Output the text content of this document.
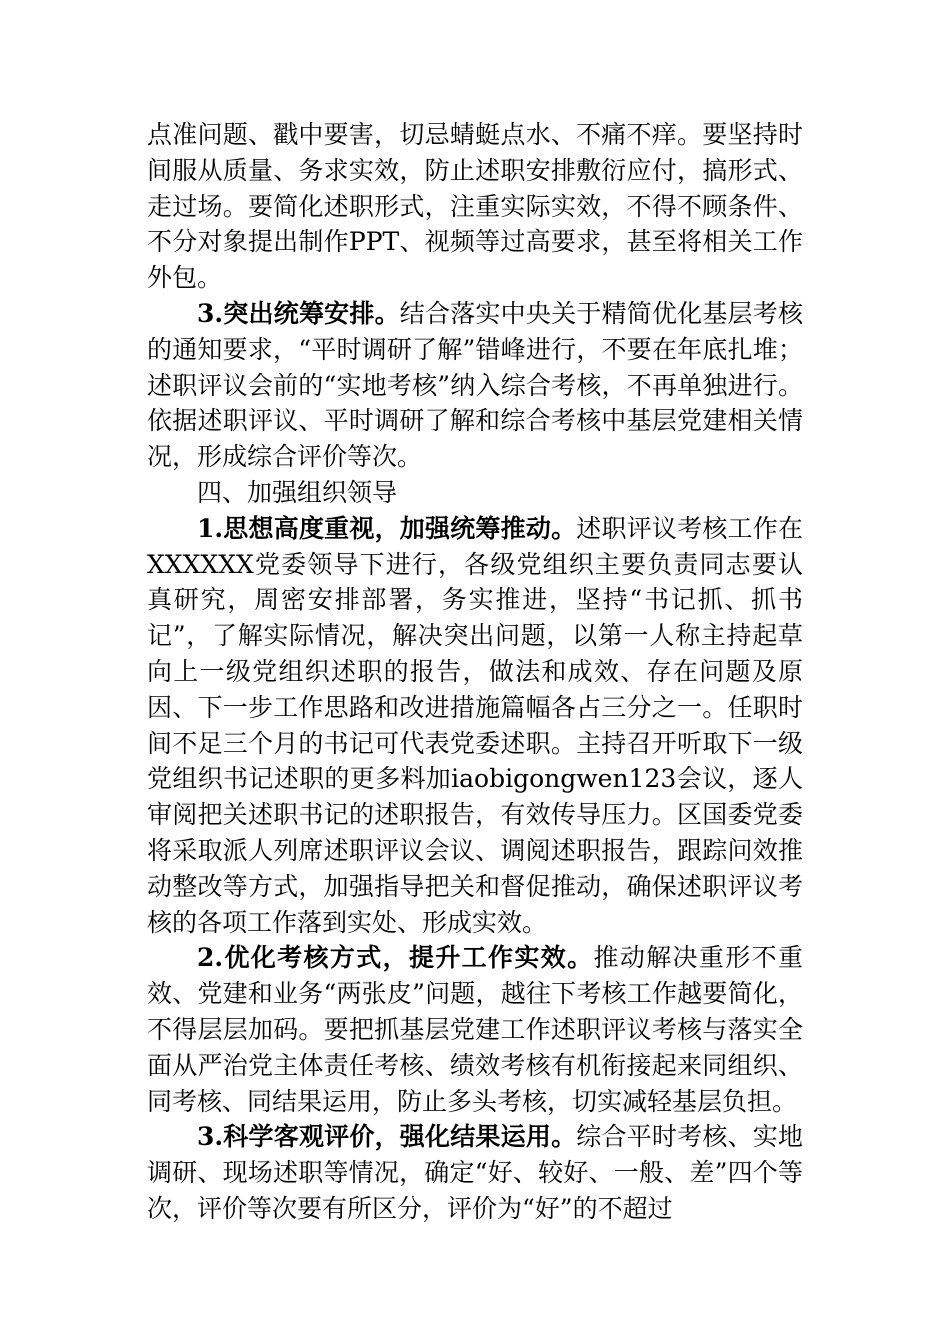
点准问题、戳中要害，切忌蜻蜓点水、不痛不痒。要坚持时间服从质量、务求实效，防止述职安排敷衍应付，搞形式、走过场。要简化述职形式，注重实际实效，不得不顾条件、不分对象提出制作PPT、视频等过高要求，甚至将相关工作外包。

3.突出统筹安排。结合落实中央关于精简优化基层考核的通知要求，“平时调研了解”错峰进行，不要在年底扎堆；述职评议会前的“实地考核”纳入综合考核，不再单独进行。依据述职评议、平时调研了解和综合考核中基层党建相关情况，形成综合评价等次。

四、加强组织领导

1.思想高度重视，加强统筹推动。述职评议考核工作在XXXXXX党委领导下进行，各级党组织主要负责同志要认真研究，周密安排部署，务实推进，坚持“书记抓、抓书记”，了解实际情况，解决突出问题，以第一人称主持起草向上一级党组织述职的报告，做法和成效、存在问题及原因、下一步工作思路和改进措施篇幅各占三分之一。任职时间不足三个月的书记可代表党委述职。主持召开听取下一级党组织书记述职的更多料加iaobigongwen123会议，逐人审阅把关述职书记的述职报告，有效传导压力。区国委党委将采取派人列席述职评议会议、调阅述职报告，跟踪问效推动整改等方式，加强指导把关和督促推动，确保述职评议考核的各项工作落到实处、形成实效。

2.优化考核方式，提升工作实效。推动解决重形不重效、党建和业务“两张皮”问题，越往下考核工作越要简化，不得层层加码。要把抓基层党建工作述职评议考核与落实全面从严治党主体责任考核、绩效考核有机衔接起来同组织、同考核、同结果运用，防止多头考核，切实减轻基层负担。

3.科学客观评价，强化结果运用。综合平时考核、实地调研、现场述职等情况，确定“好、较好、一般、差”四个等次，评价等次要有所区分，评价为“好”的不超过
